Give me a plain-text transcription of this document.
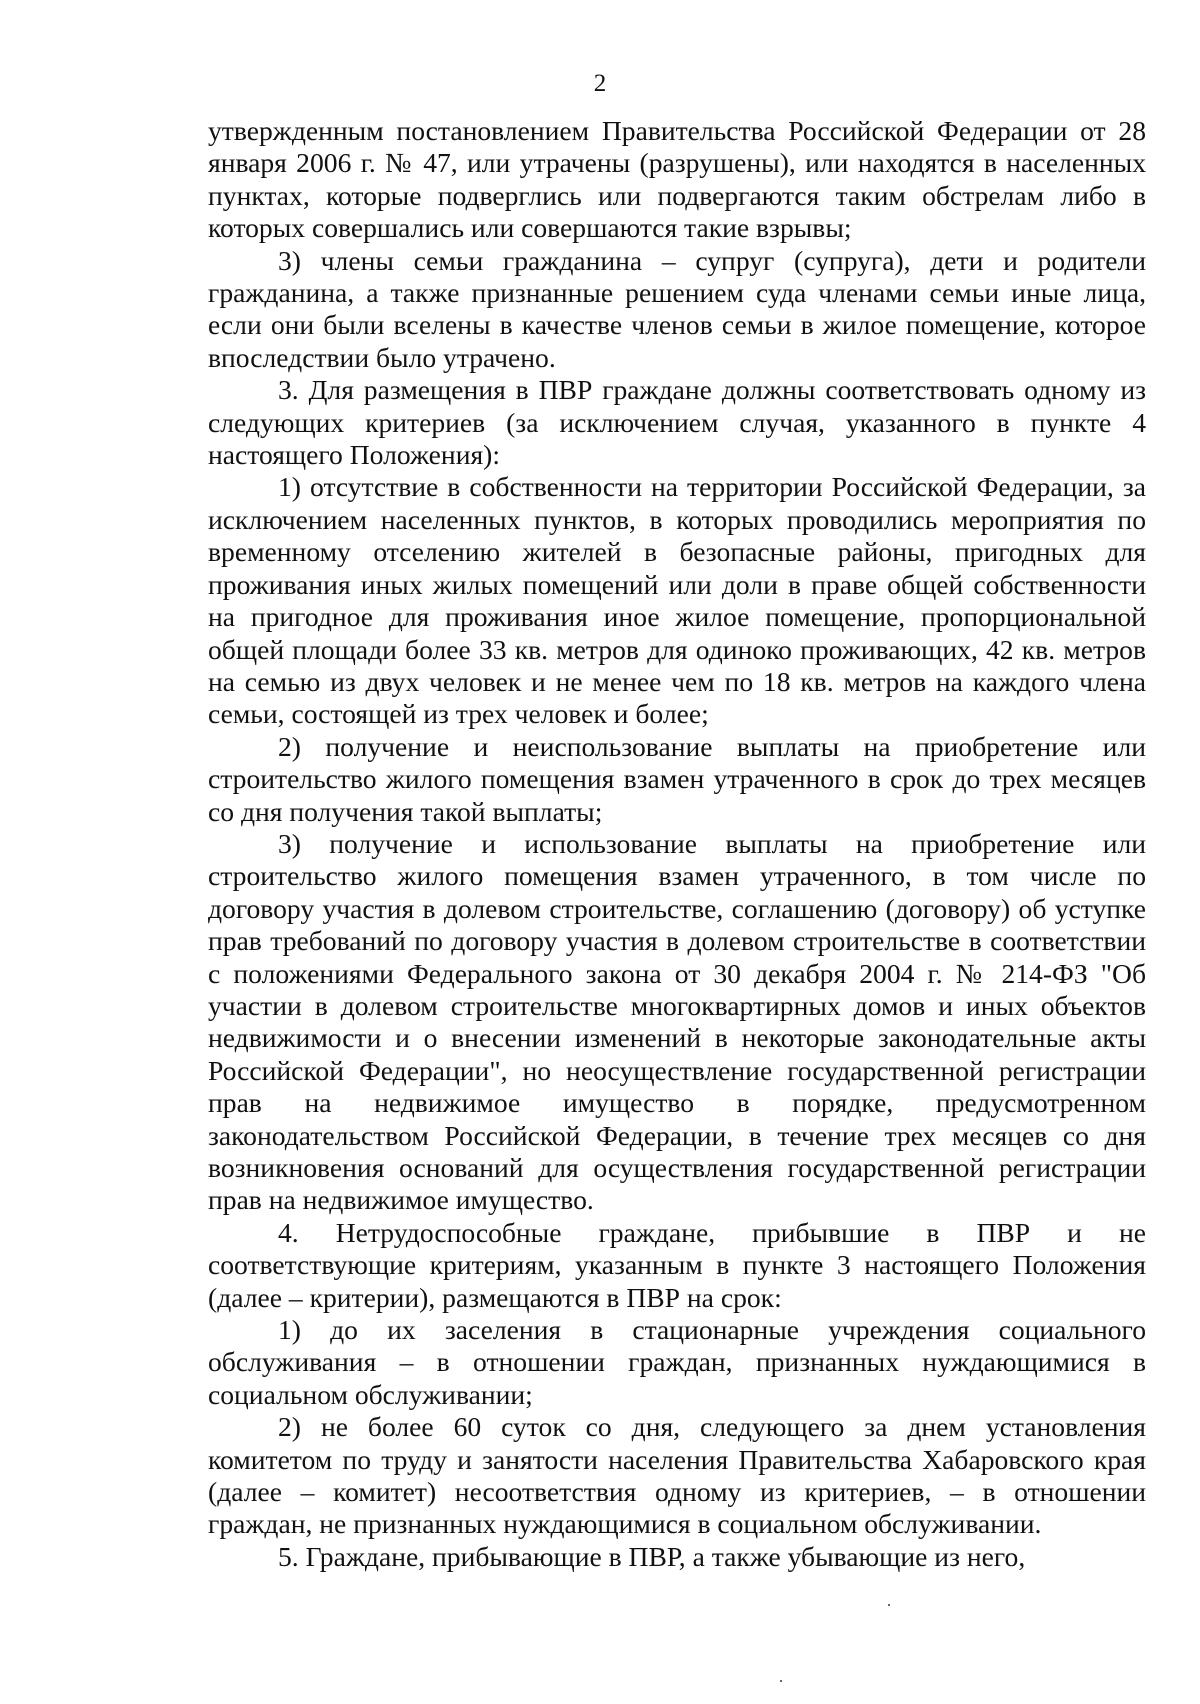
2

утвержденным постановлением Правительства Российской Федерации от 28 января 2006 г. № 47, или утрачены (разрушены), или находятся в населенных пунктах, которые подверглись или подвергаются таким обстрелам либо в которых совершались или совершаются такие взрывы;

3) члены семьи гражданина – супруг (супруга), дети и родители гражданина, а также признанные решением суда членами семьи иные лица, если они были вселены в качестве членов семьи в жилое помещение, которое впоследствии было утрачено.

3. Для размещения в ПВР граждане должны соответствовать одному из следующих критериев (за исключением случая, указанного в пункте 4 настоящего Положения):

1) отсутствие в собственности на территории Российской Федерации, за исключением населенных пунктов, в которых проводились мероприятия по временному отселению жителей в безопасные районы, пригодных для проживания иных жилых помещений или доли в праве общей собственности на пригодное для проживания иное жилое помещение, пропорциональной общей площади более 33 кв. метров для одиноко проживающих, 42 кв. метров на семью из двух человек и не менее чем по 18 кв. метров на каждого члена семьи, состоящей из трех человек и более;

2) получение и неиспользование выплаты на приобретение или строительство жилого помещения взамен утраченного в срок до трех месяцев со дня получения такой выплаты;

3) получение и использование выплаты на приобретение или строительство жилого помещения взамен утраченного, в том числе по договору участия в долевом строительстве, соглашению (договору) об уступке прав требований по договору участия в долевом строительстве в соответствии с положениями Федерального закона от 30 декабря 2004 г. № 214-ФЗ "Об участии в долевом строительстве многоквартирных домов и иных объектов недвижимости и о внесении изменений в некоторые законодательные акты Российской Федерации", но неосуществление государственной регистрации прав на недвижимое имущество в порядке, предусмотренном законодательством Российской Федерации, в течение трех месяцев со дня возникновения оснований для осуществления государственной регистрации прав на недвижимое имущество.

4. Нетрудоспособные граждане, прибывшие в ПВР и не соответствующие критериям, указанным в пункте 3 настоящего Положения (далее – критерии), размещаются в ПВР на срок:

1) до их заселения в стационарные учреждения социального обслуживания – в отношении граждан, признанных нуждающимися в социальном обслуживании;

2) не более 60 суток со дня, следующего за днем установления комитетом по труду и занятости населения Правительства Хабаровского края (далее – комитет) несоответствия одному из критериев, – в отношении граждан, не признанных нуждающимися в социальном обслуживании.

5. Граждане, прибывающие в ПВР, а также убывающие из него,
